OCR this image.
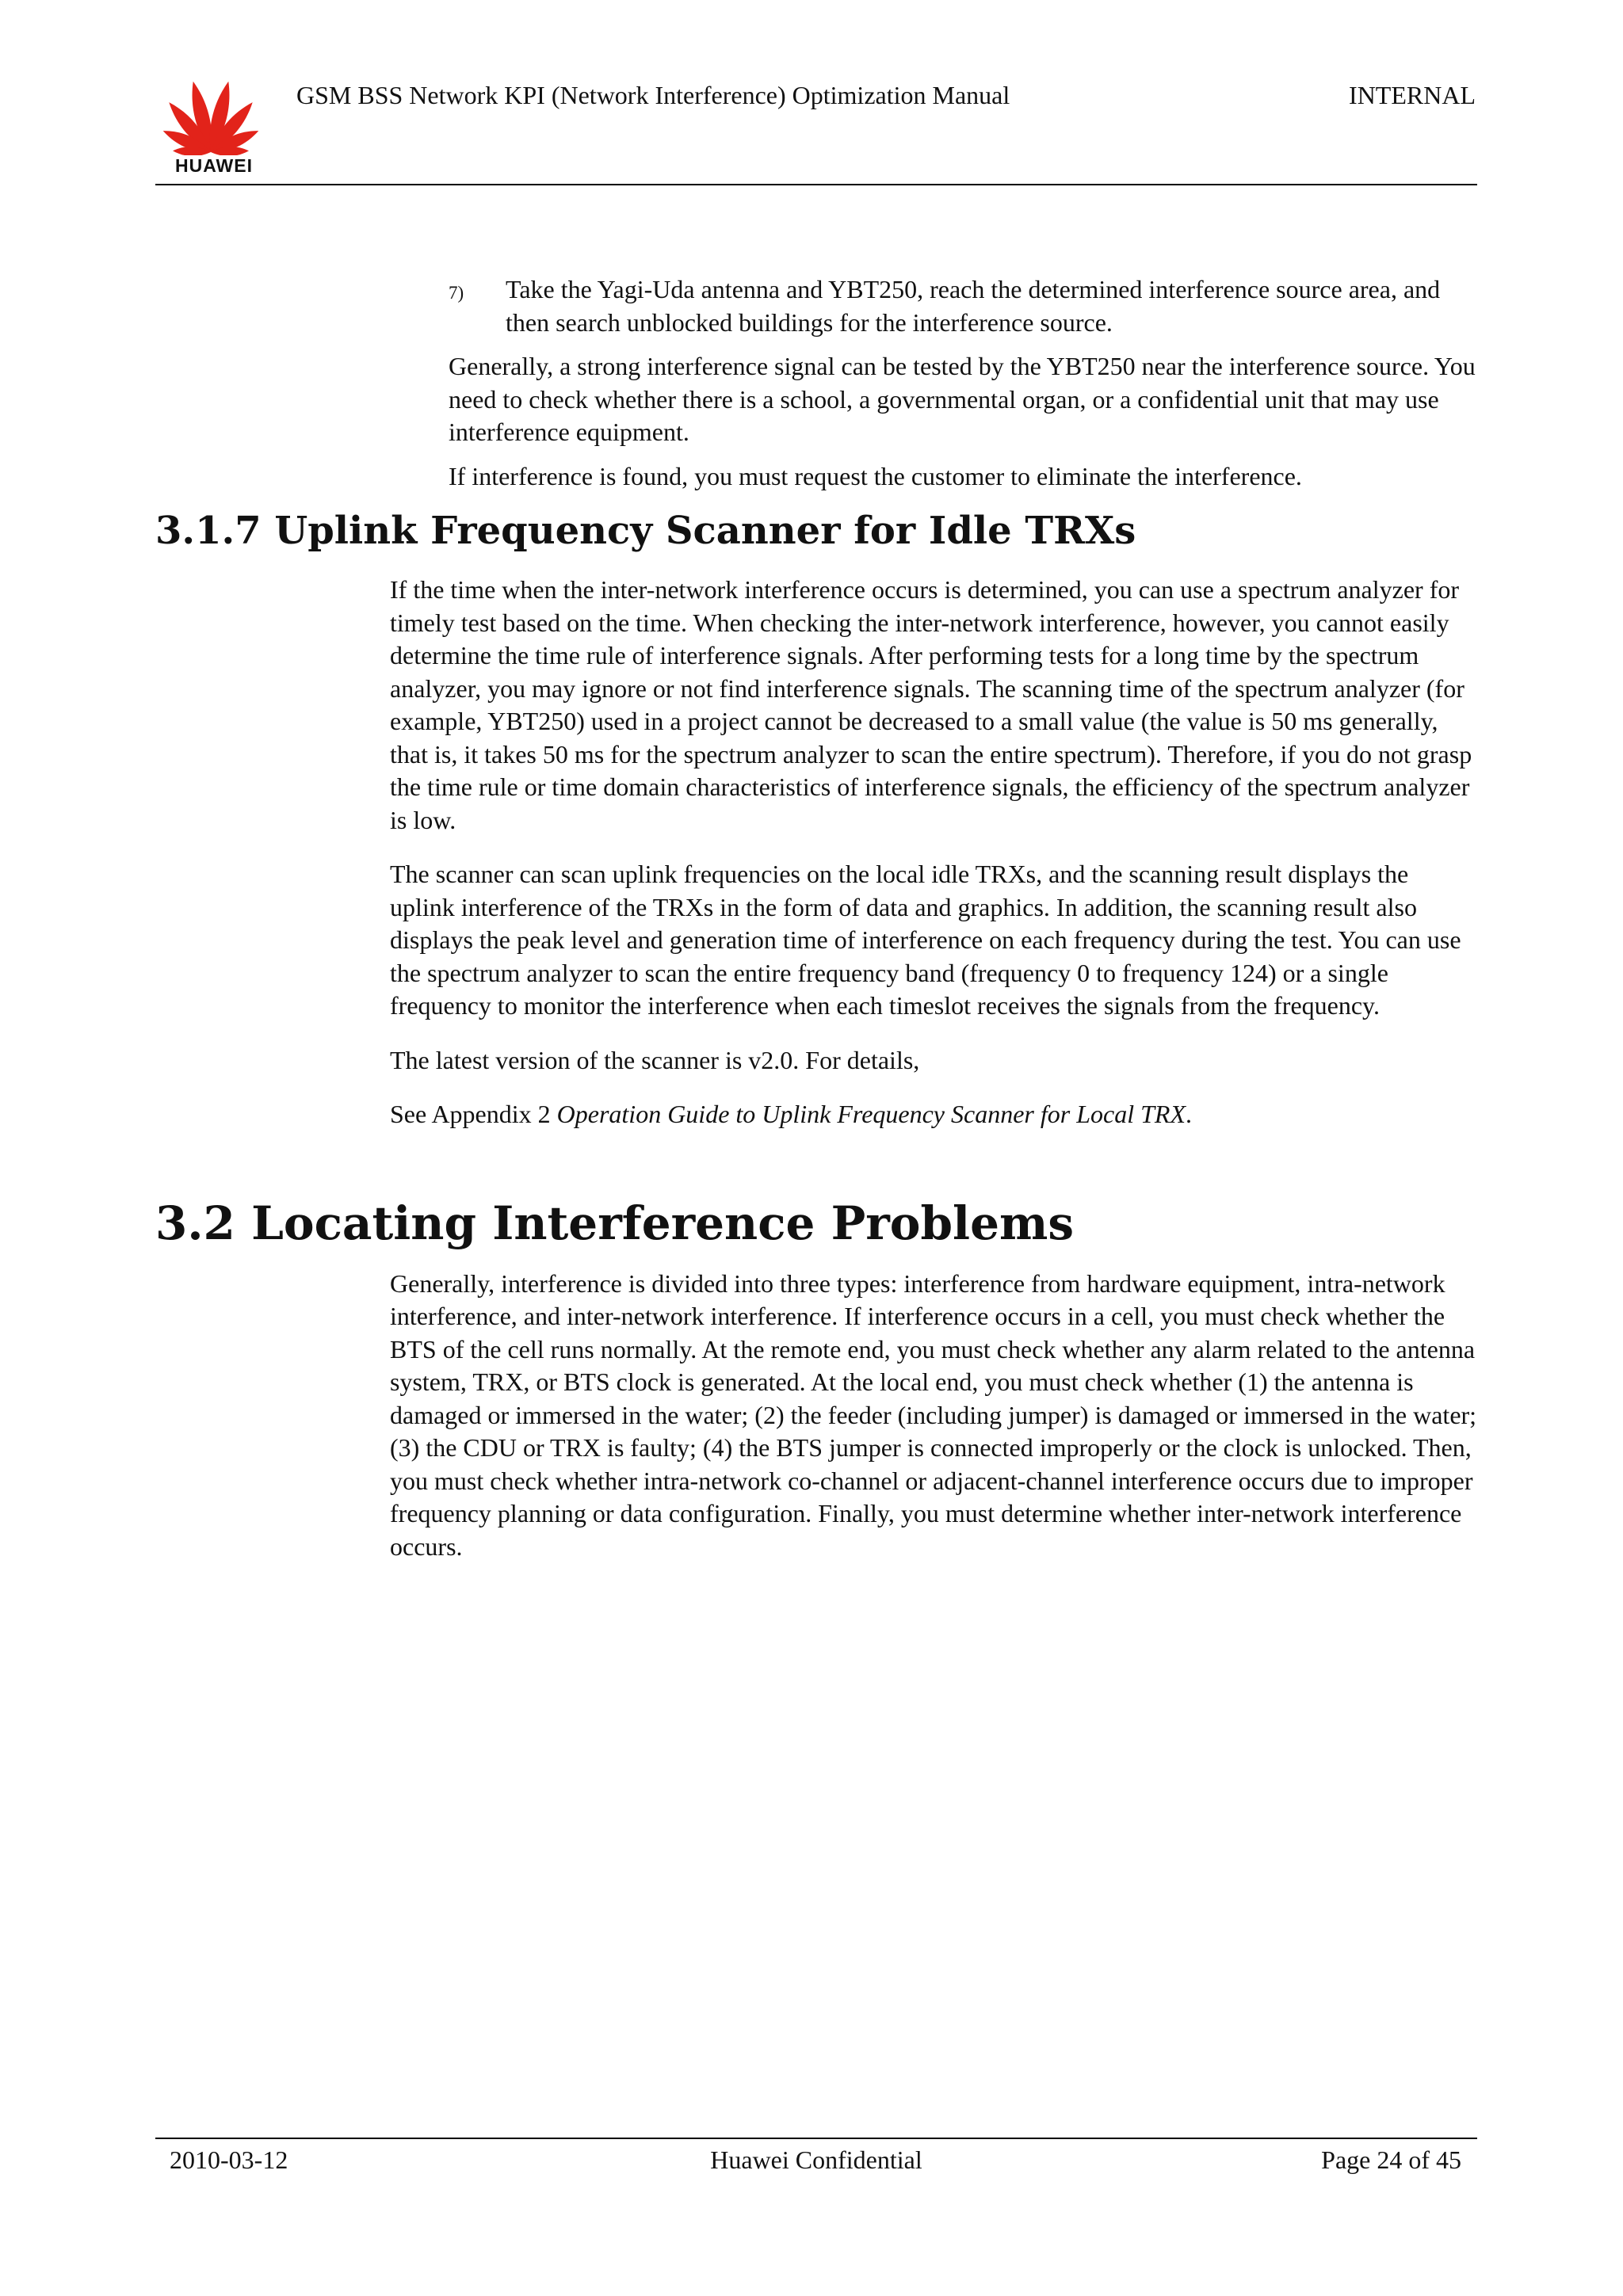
HUAWEI
GSM BSS Network KPI (Network Interference) Optimization Manual	INTERNAL
7) Take the Yagi-Uda antenna and YBT250, reach the determined interference source area, and then search unblocked buildings for the interference source.

Generally, a strong interference signal can be tested by the YBT250 near the interference source. You need to check whether there is a school, a governmental organ, or a confidential unit that may use interference equipment.

If interference is found, you must request the customer to eliminate the interference.

3.1.7 Uplink Frequency Scanner for Idle TRXs

If the time when the inter-network interference occurs is determined, you can use a spectrum analyzer for timely test based on the time. When checking the inter-network interference, however, you cannot easily determine the time rule of interference signals. After performing tests for a long time by the spectrum analyzer, you may ignore or not find interference signals. The scanning time of the spectrum analyzer (for example, YBT250) used in a project cannot be decreased to a small value (the value is 50 ms generally, that is, it takes 50 ms for the spectrum analyzer to scan the entire spectrum). Therefore, if you do not grasp the time rule or time domain characteristics of interference signals, the efficiency of the spectrum analyzer is low.

The scanner can scan uplink frequencies on the local idle TRXs, and the scanning result displays the uplink interference of the TRXs in the form of data and graphics. In addition, the scanning result also displays the peak level and generation time of interference on each frequency during the test. You can use the spectrum analyzer to scan the entire frequency band (frequency 0 to frequency 124) or a single frequency to monitor the interference when each timeslot receives the signals from the frequency.

The latest version of the scanner is v2.0. For details,

See Appendix 2 Operation Guide to Uplink Frequency Scanner for Local TRX.

3.2 Locating Interference Problems

Generally, interference is divided into three types: interference from hardware equipment, intra-network interference, and inter-network interference. If interference occurs in a cell, you must check whether the BTS of the cell runs normally. At the remote end, you must check whether any alarm related to the antenna system, TRX, or BTS clock is generated. At the local end, you must check whether (1) the antenna is damaged or immersed in the water; (2) the feeder (including jumper) is damaged or immersed in the water; (3) the CDU or TRX is faulty; (4) the BTS jumper is connected improperly or the clock is unlocked. Then, you must check whether intra-network co-channel or adjacent-channel interference occurs due to improper frequency planning or data configuration. Finally, you must determine whether inter-network interference occurs.

2010-03-12	Huawei Confidential	Page 24 of 45
